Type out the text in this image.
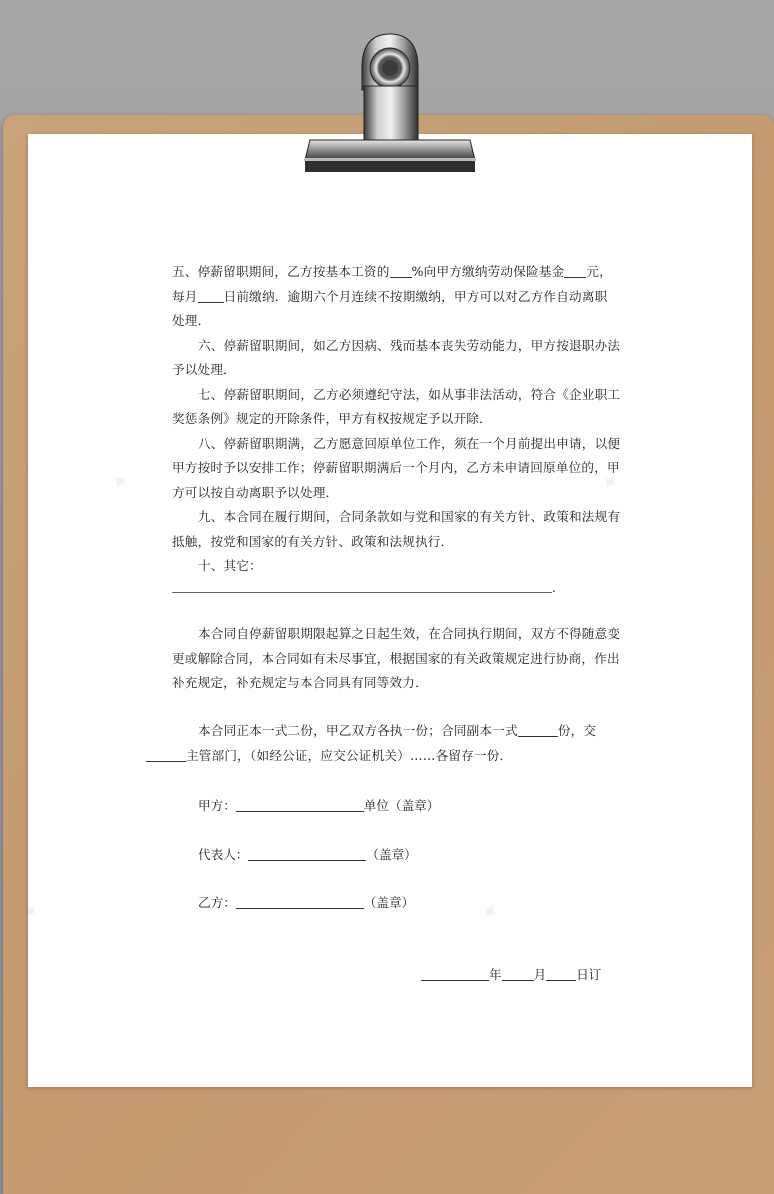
五、停薪留职期间，乙方按基本工资的 %向甲方缴纳劳动保险基金 元，
每月 日前缴纳．逾期六个月连续不按期缴纳，甲方可以对乙方作自动离职
处理．

六、停薪留职期间，如乙方因病、残而基本丧失劳动能力，甲方按退职办法予以处理．

七、停薪留职期间，乙方必须遵纪守法，如从事非法活动，符合《企业职工奖惩条例》规定的开除条件，甲方有权按规定予以开除．

八、停薪留职期满，乙方愿意回原单位工作，须在一个月前提出申请，以便甲方按时予以安排工作；停薪留职期满后一个月内，乙方未申请回原单位的，甲方可以按自动离职予以处理．

九、本合同在履行期间，合同条款如与党和国家的有关方针、政策和法规有抵触，按党和国家的有关方针、政策和法规执行．

十、其它：

.

本合同自停薪留职期限起算之日起生效，在合同执行期间，双方不得随意变更或解除合同，本合同如有未尽事宜，根据国家的有关政策规定进行协商，作出补充规定，补充规定与本合同具有同等效力．

本合同正本一式二份，甲乙双方各执一份；合同副本一式	份，交
主管部门，（如经公证，应交公证机关）……各留存一份．

甲方：	单位（盖章）
代表人：	（盖章）
乙方：	（盖章）
年	月 日订
